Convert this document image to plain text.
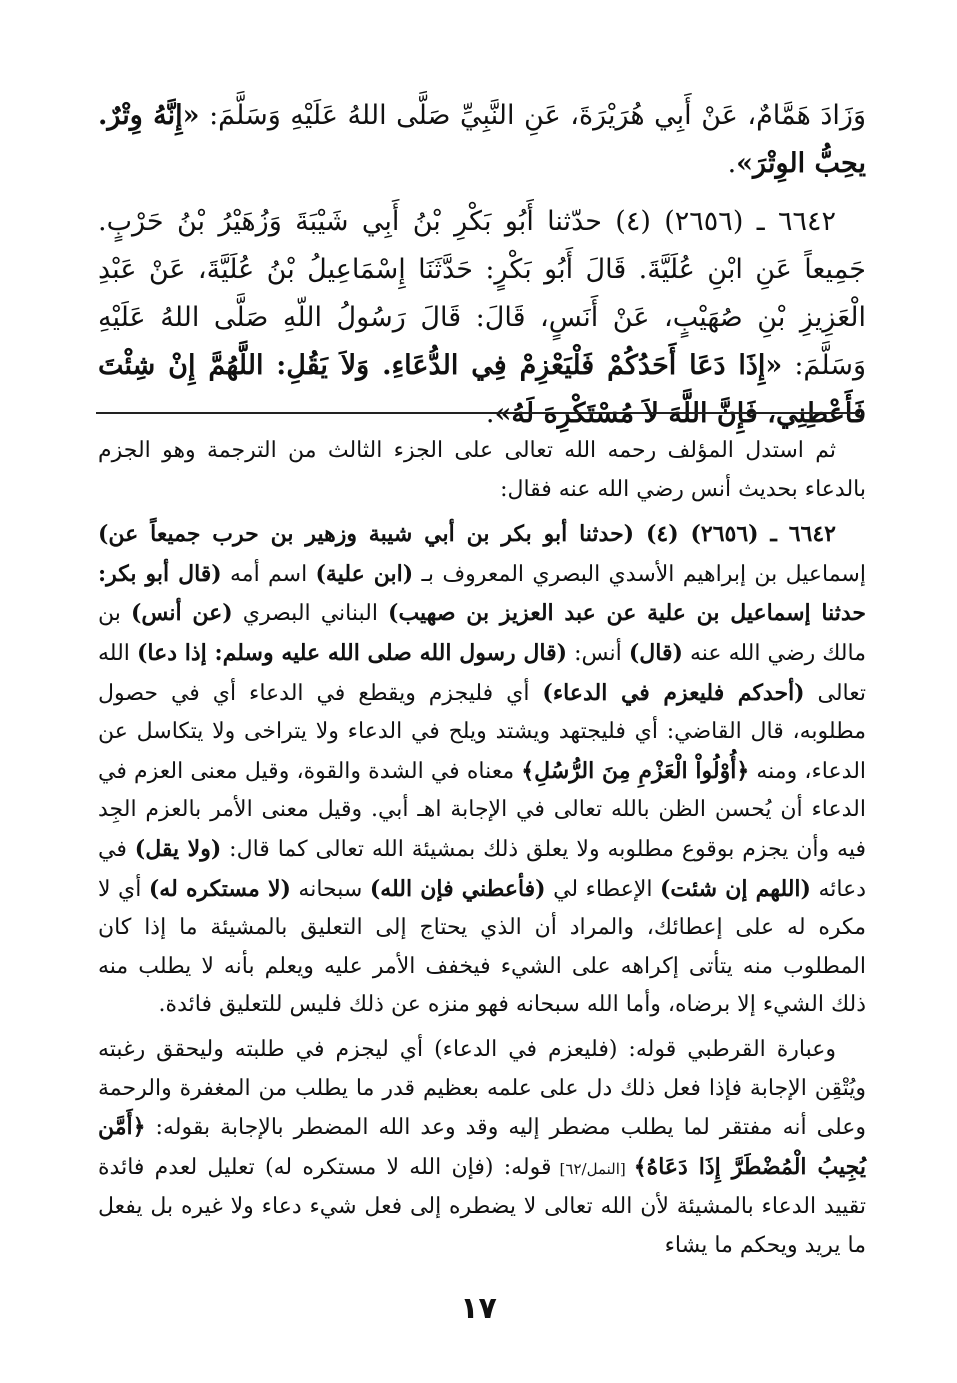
وَزَادَ هَمَّامٌ، عَنْ أَبِي هُرَيْرَةَ، عَنِ النَّبِيِّ صَلَّى اللهُ عَلَيْهِ وَسَلَّمَ: «إِنَّهُ وِتْرٌ. يحِبُّ الوِتْرَ».

٦٦٤٢ ـ (٢٦٥٦) (٤) حدّثنا أَبُو بَكْرِ بْنُ أَبِي شَيْبَةَ وَزُهَيْرُ بْنُ حَرْبٍ. جَمِيعاً عَنِ ابْنِ عُلَيَّةَ. قَالَ أَبُو بَكْرٍ: حَدَّثَنَا إِسْمَاعِيلُ بْنُ عُلَيَّةَ، عَنْ عَبْدِ الْعَزِيزِ بْنِ صُهَيْبٍ، عَنْ أَنَسٍ، قَالَ: قَالَ رَسُولُ اللّهِ صَلَّى اللهُ عَلَيْهِ وَسَلَّمَ: «إِذَا دَعَا أَحَدُكُمْ فَلْيَعْزِمْ فِي الدُّعَاءِ. وَلاَ يَقُلِ: اللَّهُمَّ إِنْ شِئْتَ فَأَعْطِنِي، فَإِنَّ اللَّهَ لاَ مُسْتَكْرِهَ لَهُ».

ثم استدل المؤلف رحمه الله تعالى على الجزء الثالث من الترجمة وهو الجزم بالدعاء بحديث أنس رضي الله عنه فقال:

٦٦٤٢ ـ (٢٦٥٦) (٤) (حدثنا أبو بكر بن أبي شيبة وزهير بن حرب جميعاً عن) إسماعيل بن إبراهيم الأسدي البصري المعروف بـ (ابن علية) اسم أمه (قال أبو بكر: حدثنا إسماعيل بن علية عن عبد العزيز بن صهيب) البناني البصري (عن أنس) بن مالك رضي الله عنه (قال) أنس: (قال رسول الله صلى الله عليه وسلم: إذا دعا) الله تعالى (أحدكم فليعزم في الدعاء) أي فليجزم ويقطع في الدعاء أي في حصول مطلوبه، قال القاضي: أي فليجتهد ويشتد ويلح في الدعاء ولا يتراخى ولا يتكاسل عن الدعاء، ومنه ﴿أُوْلُواْ الْعَزْمِ مِنَ الرُّسُلِ﴾ معناه في الشدة والقوة، وقيل معنى العزم في الدعاء أن يُحسن الظن بالله تعالى في الإجابة اهـ أبي. وقيل معنى الأمر بالعزم الجِد فيه وأن يجزم بوقوع مطلوبه ولا يعلق ذلك بمشيئة الله تعالى كما قال: (ولا يقل) في دعائه (اللهم إن شئت) الإعطاء لي (فأعطني فإن الله) سبحانه (لا مستكره له) أي لا مكره له على إعطائك، والمراد أن الذي يحتاج إلى التعليق بالمشيئة ما إذا كان المطلوب منه يتأتى إكراهه على الشيء فيخفف الأمر عليه ويعلم بأنه لا يطلب منه ذلك الشيء إلا برضاه، وأما الله سبحانه فهو منزه عن ذلك فليس للتعليق فائدة.

وعبارة القرطبي قوله: (فليعزم في الدعاء) أي ليجزم في طلبته وليحقق رغبته ويُتْقِن الإجابة فإذا فعل ذلك دل على علمه بعظيم قدر ما يطلب من المغفرة والرحمة وعلى أنه مفتقر لما يطلب مضطر إليه وقد وعد الله المضطر بالإجابة بقوله: ﴿أَمَّن يُجِيبُ الْمُضْطَرَّ إِذَا دَعَاهُ﴾ [النمل/٦٢] قوله: (فإن الله لا مستكره له) تعليل لعدم فائدة تقييد الدعاء بالمشيئة لأن الله تعالى لا يضطره إلى فعل شيء دعاء ولا غيره بل يفعل ما يريد ويحكم ما يشاء

١٧
